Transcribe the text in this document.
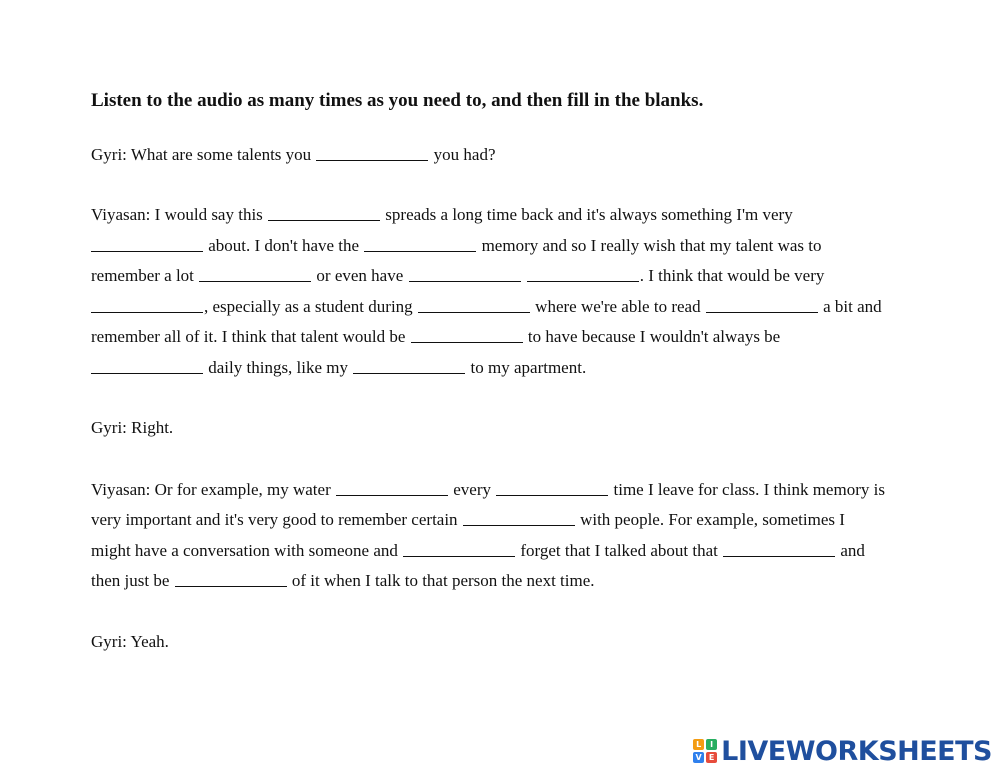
Listen to the audio as many times as you need to, and then fill in the blanks.

Gyri: What are some talents you	you had?

Viyasan: I would say this	spreads a long time back and it's always something I'm very

about. I don't have the	memory and so I really wish that my talent was to

remember a lot	or even have	. I think that would be very

, especially as a student during	where we're able to read	a bit and

remember all of it. I think that talent would be	to have because I wouldn't always be

daily things, like my	to my apartment.

Gyri: Right.

Viyasan: Or for example, my water	every	time I leave for class. I think memory is

very important and it's very good to remember certain	with people. For example, sometimes I

might have a conversation with someone and	forget that I talked about that	and

then just be	of it when I talk to that person the next time.

Gyri: Yeah.

L	I
V E LIVEWORKSHEETS
